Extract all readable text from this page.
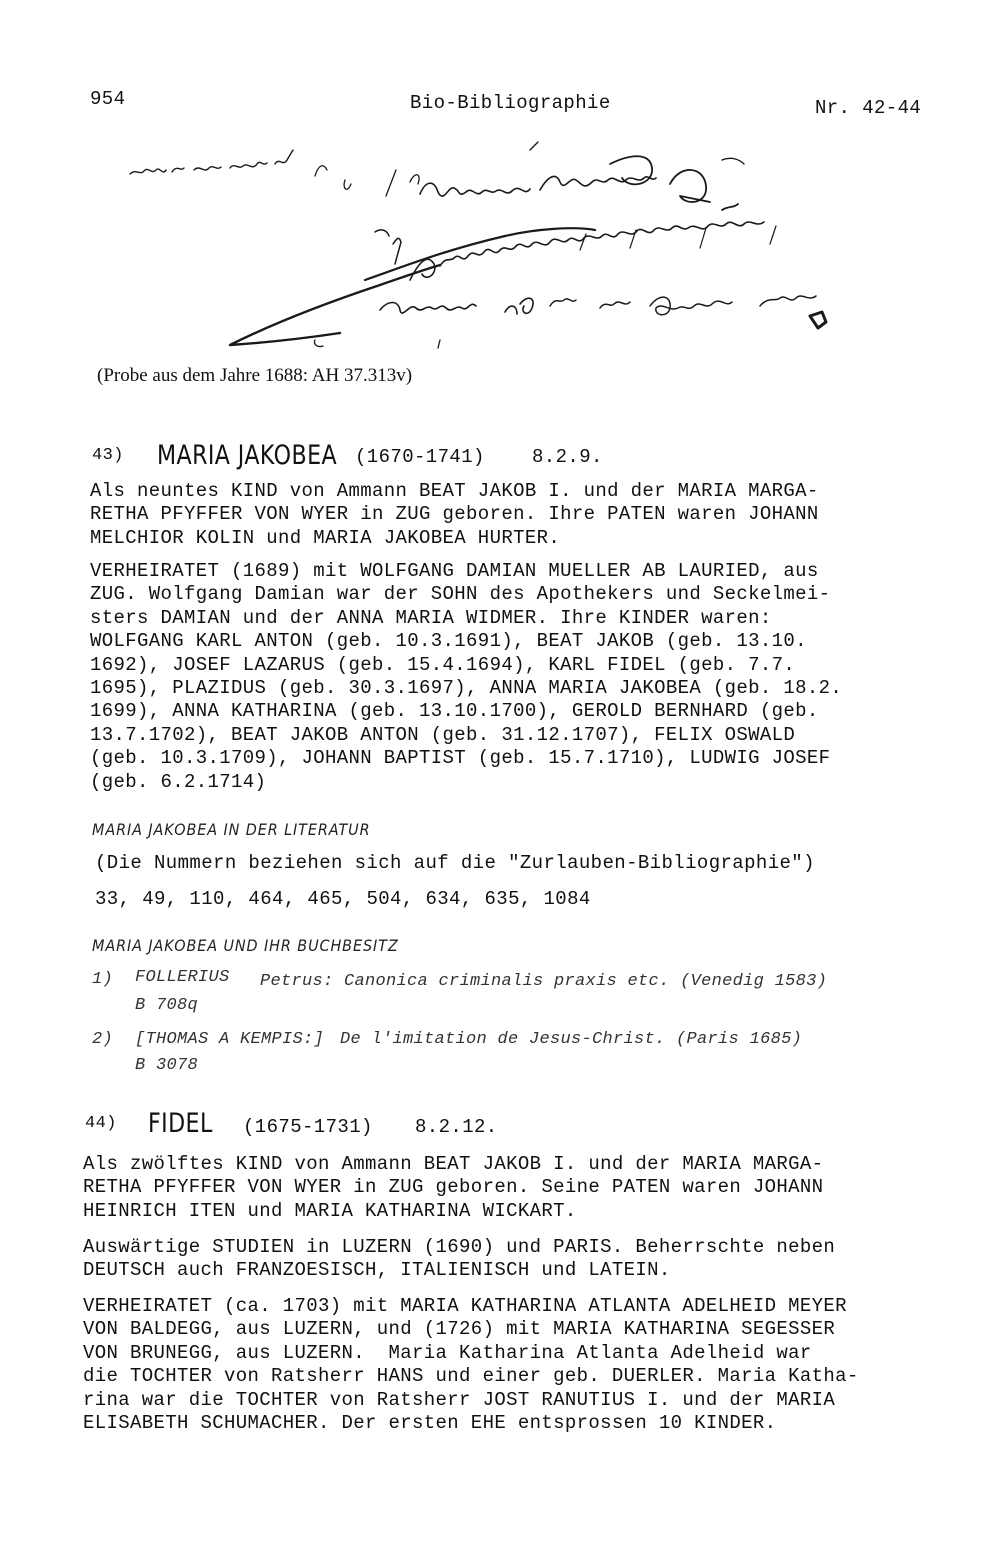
954	Bio-Bibliographie	Nr. 42-44
(Probe aus dem Jahre 1688: AH 37.313v)
43) MARIA JAKOBEA (1670-1741) 8.2.9.
Als neuntes KIND von Ammann BEAT JAKOB I. und der MARIA MARGA-
RETHA PFYFFER VON WYER in ZUG geboren. Ihre PATEN waren JOHANN
MELCHIOR KOLIN und MARIA JAKOBEA HURTER.
VERHEIRATET (1689) mit WOLFGANG DAMIAN MUELLER AB LAURIED, aus
ZUG. Wolfgang Damian war der SOHN des Apothekers und Seckelmei-
sters DAMIAN und der ANNA MARIA WIDMER. Ihre KINDER waren:
WOLFGANG KARL ANTON (geb. 10.3.1691), BEAT JAKOB (geb. 13.10.
1692), JOSEF LAZARUS (geb. 15.4.1694), KARL FIDEL (geb. 7.7.
1695), PLAZIDUS (geb. 30.3.1697), ANNA MARIA JAKOBEA (geb. 18.2.
1699), ANNA KATHARINA (geb. 13.10.1700), GEROLD BERNHARD (geb.
13.7.1702), BEAT JAKOB ANTON (geb. 31.12.1707), FELIX OSWALD
(geb. 10.3.1709), JOHANN BAPTIST (geb. 15.7.1710), LUDWIG JOSEF
(geb. 6.2.1714)
MARIA JAKOBEA IN DER LITERATUR
(Die Nummern beziehen sich auf die "Zurlauben-Bibliographie")
33, 49, 110, 464, 465, 504, 634, 635, 1084
MARIA JAKOBEA UND IHR BUCHBESITZ
1) FOLLERIUS Petrus: Canonica criminalis praxis etc. (Venedig 1583)
B 708q
2) [THOMAS A KEMPIS:] De l'imitation de Jesus-Christ. (Paris 1685)
B 3078
44) FIDEL (1675-1731) 8.2.12.
Als zwölftes KIND von Ammann BEAT JAKOB I. und der MARIA MARGA-
RETHA PFYFFER VON WYER in ZUG geboren. Seine PATEN waren JOHANN
HEINRICH ITEN und MARIA KATHARINA WICKART.
Auswärtige STUDIEN in LUZERN (1690) und PARIS. Beherrschte neben
DEUTSCH auch FRANZOESISCH, ITALIENISCH und LATEIN.
VERHEIRATET (ca. 1703) mit MARIA KATHARINA ATLANTA ADELHEID MEYER
VON BALDEGG, aus LUZERN, und (1726) mit MARIA KATHARINA SEGESSER
VON BRUNEGG, aus LUZERN.  Maria Katharina Atlanta Adelheid war
die TOCHTER von Ratsherr HANS und einer geb. DUERLER. Maria Katha-
rina war die TOCHTER von Ratsherr JOST RANUTIUS I. und der MARIA
ELISABETH SCHUMACHER. Der ersten EHE entsprossen 10 KINDER.
